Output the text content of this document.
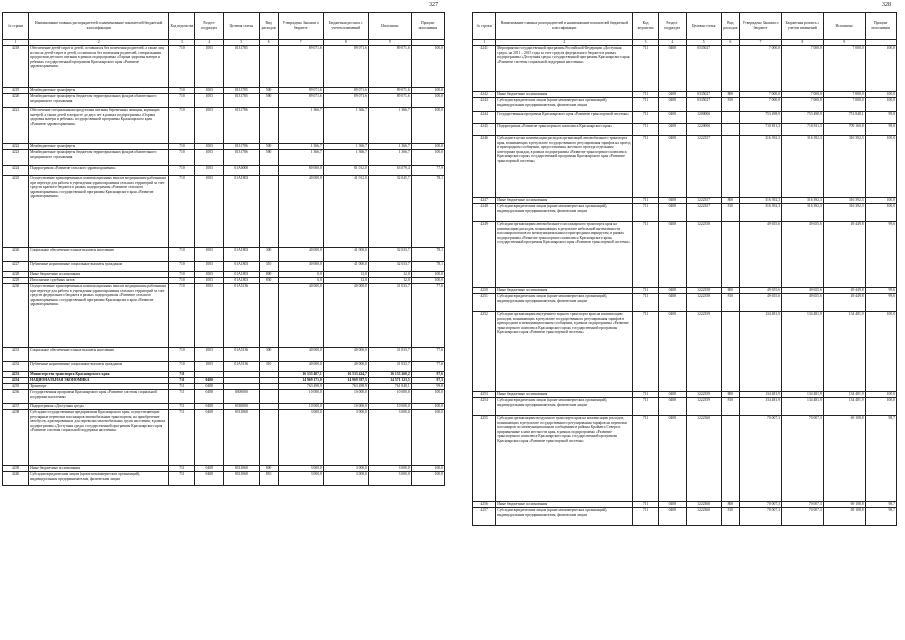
327
№ строки	Наименование главных распорядителей и наименование показателей бюджетной классификации	Код ведомства	Раздел-подраздел	Целевая статья	Вид расходов	Утверждено Законом о бюджете	Бюджетная роспись с учетом изменений	Исполнено	Процент исполнения
1	2	3	4	5	6	7	8	9	
4218	Обеспечение детей-сирот и детей, оставшихся без попечения родителей, а также лиц из числа детей-сирот и детей, оставшихся без попечения родителей, специальными продуктами детского питания в рамках подпрограммы «Охрана здоровья матери и ребенка» государственной программы Красноярского края «Развитие здравоохранения»	710	1003	0131785		89 071,6	89 071,6	89 071,6	100,0
4219	Межбюджетные трансферты	710	1003	0131785	500	89 071,6	89 071,6	89 071,6	100,0
4220	Межбюджетные трансферты бюджетам территориальных фондов обязательного медицинского страхования	710	1003	0131785	580	89 071,6	89 071,6	89 071,6	100,0
4221	Обеспечение специальными продуктами питания беременных женщин, кормящих матерей, а также детей в возрасте до двух лет в рамках подпрограммы «Охрана здоровья матери и ребенка» государственной программы Красноярского края «Развитие здравоохранения»	710	1003	0131786		1 366,7	1 366,7	1 366,7	100,0
4222	Межбюджетные трансферты	710	1003	0131786	500	1 366,7	1 366,7	1 366,7	100,0
4223	Межбюджетные трансферты бюджетам территориальных фондов обязательного медицинского страхования	710	1003	0131786	580	1 366,7	1 366,7	1 366,7	100,0
4224	Подпрограмма «Развитие сельского здравоохранения»	710	1003	01А0000		80 000,0	81 012,0	63 079,4	77,9
4225	Осуществление единовременных компенсационных выплат медицинским работникам при переезде для работы в учреждения здравоохранения сельских территорий за счет средств краевого бюджета в рамках подпрограммы «Развитие сельского здравоохранения» государственной программы Красноярского края «Развитие здравоохранения»	710	1003	01А1803		40 000,0	41 012,0	32 045,7	78,1
4226	Социальное обеспечение и иные выплаты населению	710	1003	01А1803	300	40 000,0	41 000,0	32 033,7	78,1
4227	Публичные нормативные социальные выплаты гражданам	710	1003	01А1803	310	40 000,0	41 000,0	32 033,7	78,1
4228	Иные бюджетные ассигнования	710	1003	01А1803	800	0,0	12,0	12,0	100,0
4229	Исполнение судебных актов	710	1003	01А1803	830	0,0	12,0	12,0	100,0
4230	Осуществление единовременных компенсационных выплат медицинским работникам при переезде для работы в учреждения здравоохранения сельских территорий за счет средств федерального бюджета в рамках подпрограммы «Развитие сельского здравоохранения» государственной программы Красноярского края «Развитие здравоохранения»	710	1003	01А5136		40 000,0	40 000,0	31 033,7	77,6
4231	Социальное обеспечение и иные выплаты населению	710	1003	01А5136	300	40 000,0	40 000,0	31 033,7	77,6
4232	Публичные нормативные социальные выплаты гражданам	710	1003	01А5136	310	40 000,0	40 000,0	31 033,7	77,6
4233	Министерство транспорта Красноярского края	711				16 533 407,1	16 533 424,7	16 133 260,2	97,6
4234	НАЦИОНАЛЬНАЯ ЭКОНОМИКА	711	0400			14 969 171,0	14 969 387,5	14 571 123,5	97,3
4235	Транспорт	711	0408			763 498,9	763 498,9	761 848,1	99,8
4236	Государственная программа Красноярского края «Развитие системы социальной поддержки населения»	711	0408	0300000		10 000,0	10 000,0	10 000,0	100,0
4237	Подпрограмма «Доступная среда»	711	0408	0330000		10 000,0	10 000,0	10 000,0	100,0
4238	Субсидии государственным предприятиям Красноярского края, осуществляющим регулярные перевозки пассажиров автомобильным транспортом, на приобретение автобусов, адаптированных для перевозки маломобильных групп населения, в рамках подпрограммы «Доступная среда» государственной программы Красноярского края «Развитие системы социальной поддержки населения»	711	0408	0331068		3 000,0	3 000,0	3 000,0	100,0
4239	Иные бюджетные ассигнования	711	0408	0331068	800	3 000,0	3 000,0	3 000,0	100,0
4240	Субсидии юридическим лицам (кроме некоммерческих организаций), индивидуальным предпринимателям, физическим лицам	711	0408	0331068	810	3 000,0	3 000,0	3 000,0	100,0
328
№ строки	Наименование главных распорядителей и наименование показателей бюджетной классификации	Код ведомства	Раздел-подраздел	Целевая статья	Вид расходов	Утверждено Законом о бюджете	Бюджетная роспись с учетом изменений	Исполнено	Процент исполнения
1	2	3	4	5	6	7	8	9	
4241	Мероприятия государственной программы Российской Федерации «Доступная среда» на 2011 – 2015 годы за счет средств федерального бюджета в рамках подпрограммы «Доступная среда» государственной программы Красноярского края «Развитие системы социальной поддержки населения»	711	0408	0335027		7 000,0	7 000,0	7 000,0	100,0
4242	Иные бюджетные ассигнования	711	0408	0335027	800	7 000,0	7 000,0	7 000,0	100,0
4243	Субсидии юридическим лицам (кроме некоммерческих организаций), индивидуальным предпринимателям, физическим лицам	711	0408	0335027	810	7 000,0	7 000,0	7 000,0	100,0
4244	Государственная программа Красноярского края «Развитие транспортной системы»	711	0408	1200000		753 498,9	753 498,9	751 848,1	99,8
4245	Подпрограмма «Развитие транспортного комплекса Красноярского края»	711	0408	1220000		710 811,3	710 811,3	709 160,8	99,8
4246	Субсидии в целях компенсации расходов организаций автомобильного транспорта края, возникающих в результате государственного регулирования тарифов на проезд в пригородном сообщении, предоставления льготного проезда отдельным категориям граждан, в рамках подпрограммы «Развитие транспортного комплекса Красноярского края» государственной программы Красноярского края «Развитие транспортной системы»	711	0408	1222357		316 392,3	316 392,3	316 392,3	100,0
4247	Иные бюджетные ассигнования	711	0408	1222357	800	316 392,3	316 392,3	316 392,3	100,0
4248	Субсидии юридическим лицам (кроме некоммерческих организаций), индивидуальным предпринимателям, физическим лицам	711	0408	1222357	810	316 392,3	316 392,3	316 392,3	100,0
4249	Субсидии организациям автомобильного пассажирского транспорта края на компенсацию расходов, возникающих в результате небольшой интенсивности пассажиропотоков по межмуниципальным и пригородным маршрутам, в рамках подпрограммы «Развитие транспортного комплекса Красноярского края» государственной программы Красноярского края «Развитие транспортной системы»	711	0408	1222358		49 655,6	49 655,6	49 449,8	99,6
4250	Иные бюджетные ассигнования	711	0408	1222358	800	49 655,6	49 655,6	49 449,8	99,6
4251	Субсидии юридическим лицам (кроме некоммерческих организаций), индивидуальным предпринимателям, физическим лицам	711	0408	1222358	810	49 655,6	49 655,6	49 449,8	99,6
4252	Субсидии организациям внутреннего водного транспорта края на компенсацию расходов, возникающих в результате государственного регулирования тарифов в пригородном и межмуниципальном сообщении, в рамках подпрограммы «Развитие транспортного комплекса Красноярского края» государственной программы Красноярского края «Развитие транспортной системы»	711	0408	1222359		134 481,9	134 481,9	134 481,9	100,0
4253	Иные бюджетные ассигнования	711	0408	1222359	800	134 481,9	134 481,9	134 481,9	100,0
4254	Субсидии юридическим лицам (кроме некоммерческих организаций), индивидуальным предпринимателям, физическим лицам	711	0408	1222359	810	134 481,9	134 481,9	134 481,9	100,0
4255	Субсидии организациям воздушного транспорта края на компенсацию расходов, возникающих в результате государственного регулирования тарифов на перевозки пассажиров по межмуниципальным сообщениям в районы Крайнего Севера и приравненные к ним местности края, в рамках подпрограммы «Развитие транспортного комплекса Красноярского края» государственной программы Красноярского края «Развитие транспортной системы»	711	0408	1222360		70 007,3	70 007,3	69 108,8	98,7
4256	Иные бюджетные ассигнования	711	0408	1222360	800	70 007,3	70 007,3	69 108,8	98,7
4257	Субсидии юридическим лицам (кроме некоммерческих организаций), индивидуальным предпринимателям, физическим лицам	711	0408	1222360	810	70 007,3	70 007,3	69 108,8	98,7
